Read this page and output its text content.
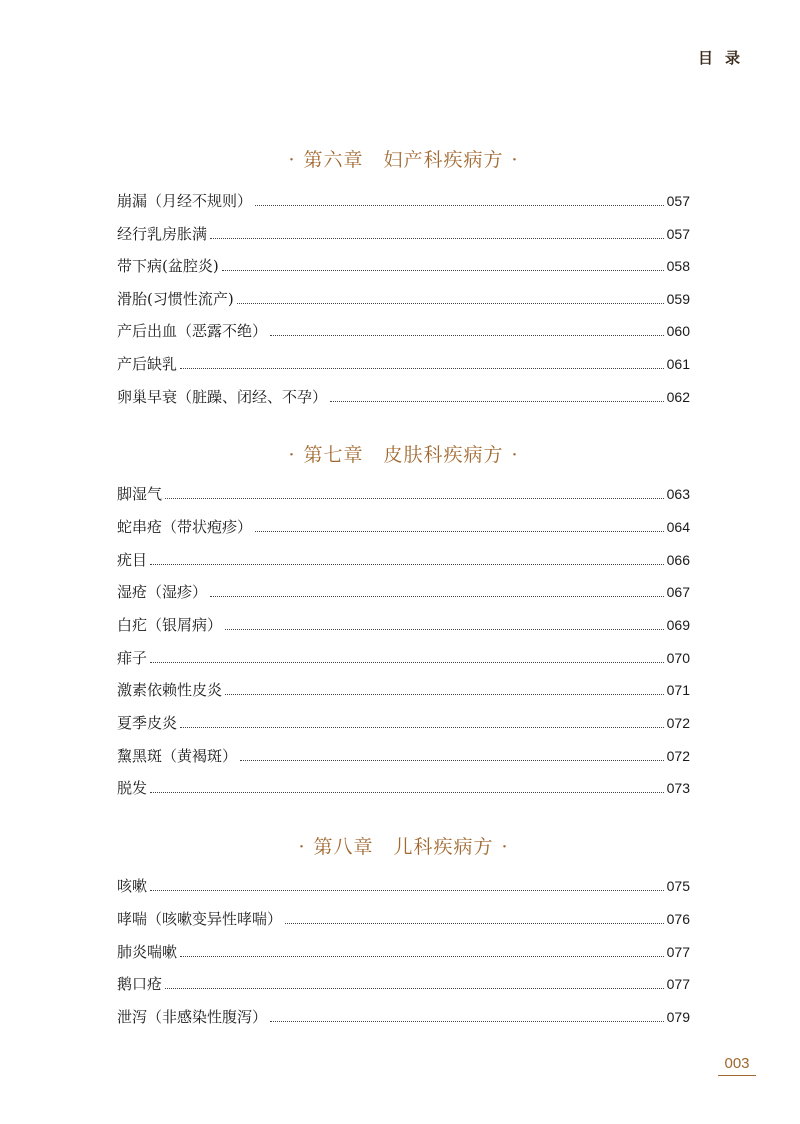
目录
· 第六章　妇产科疾病方 ·
崩漏（月经不规则）	057
经行乳房胀满	057
带下病(盆腔炎)	058
滑胎(习惯性流产)	059
产后出血（恶露不绝）	060
产后缺乳	061
卵巢早衰（脏躁、闭经、不孕）	062
· 第七章　皮肤科疾病方 ·
脚湿气	063
蛇串疮（带状疱疹）	064
疣目	066
湿疮（湿疹）	067
白疕（银屑病）	069
痱子	070
激素依赖性皮炎	071
夏季皮炎	072
黧黑斑（黄褐斑）	072
脱发	073
· 第八章　儿科疾病方 ·
咳嗽	075
哮喘（咳嗽变异性哮喘）	076
肺炎喘嗽	077
鹅口疮	077
泄泻（非感染性腹泻）	079
003
